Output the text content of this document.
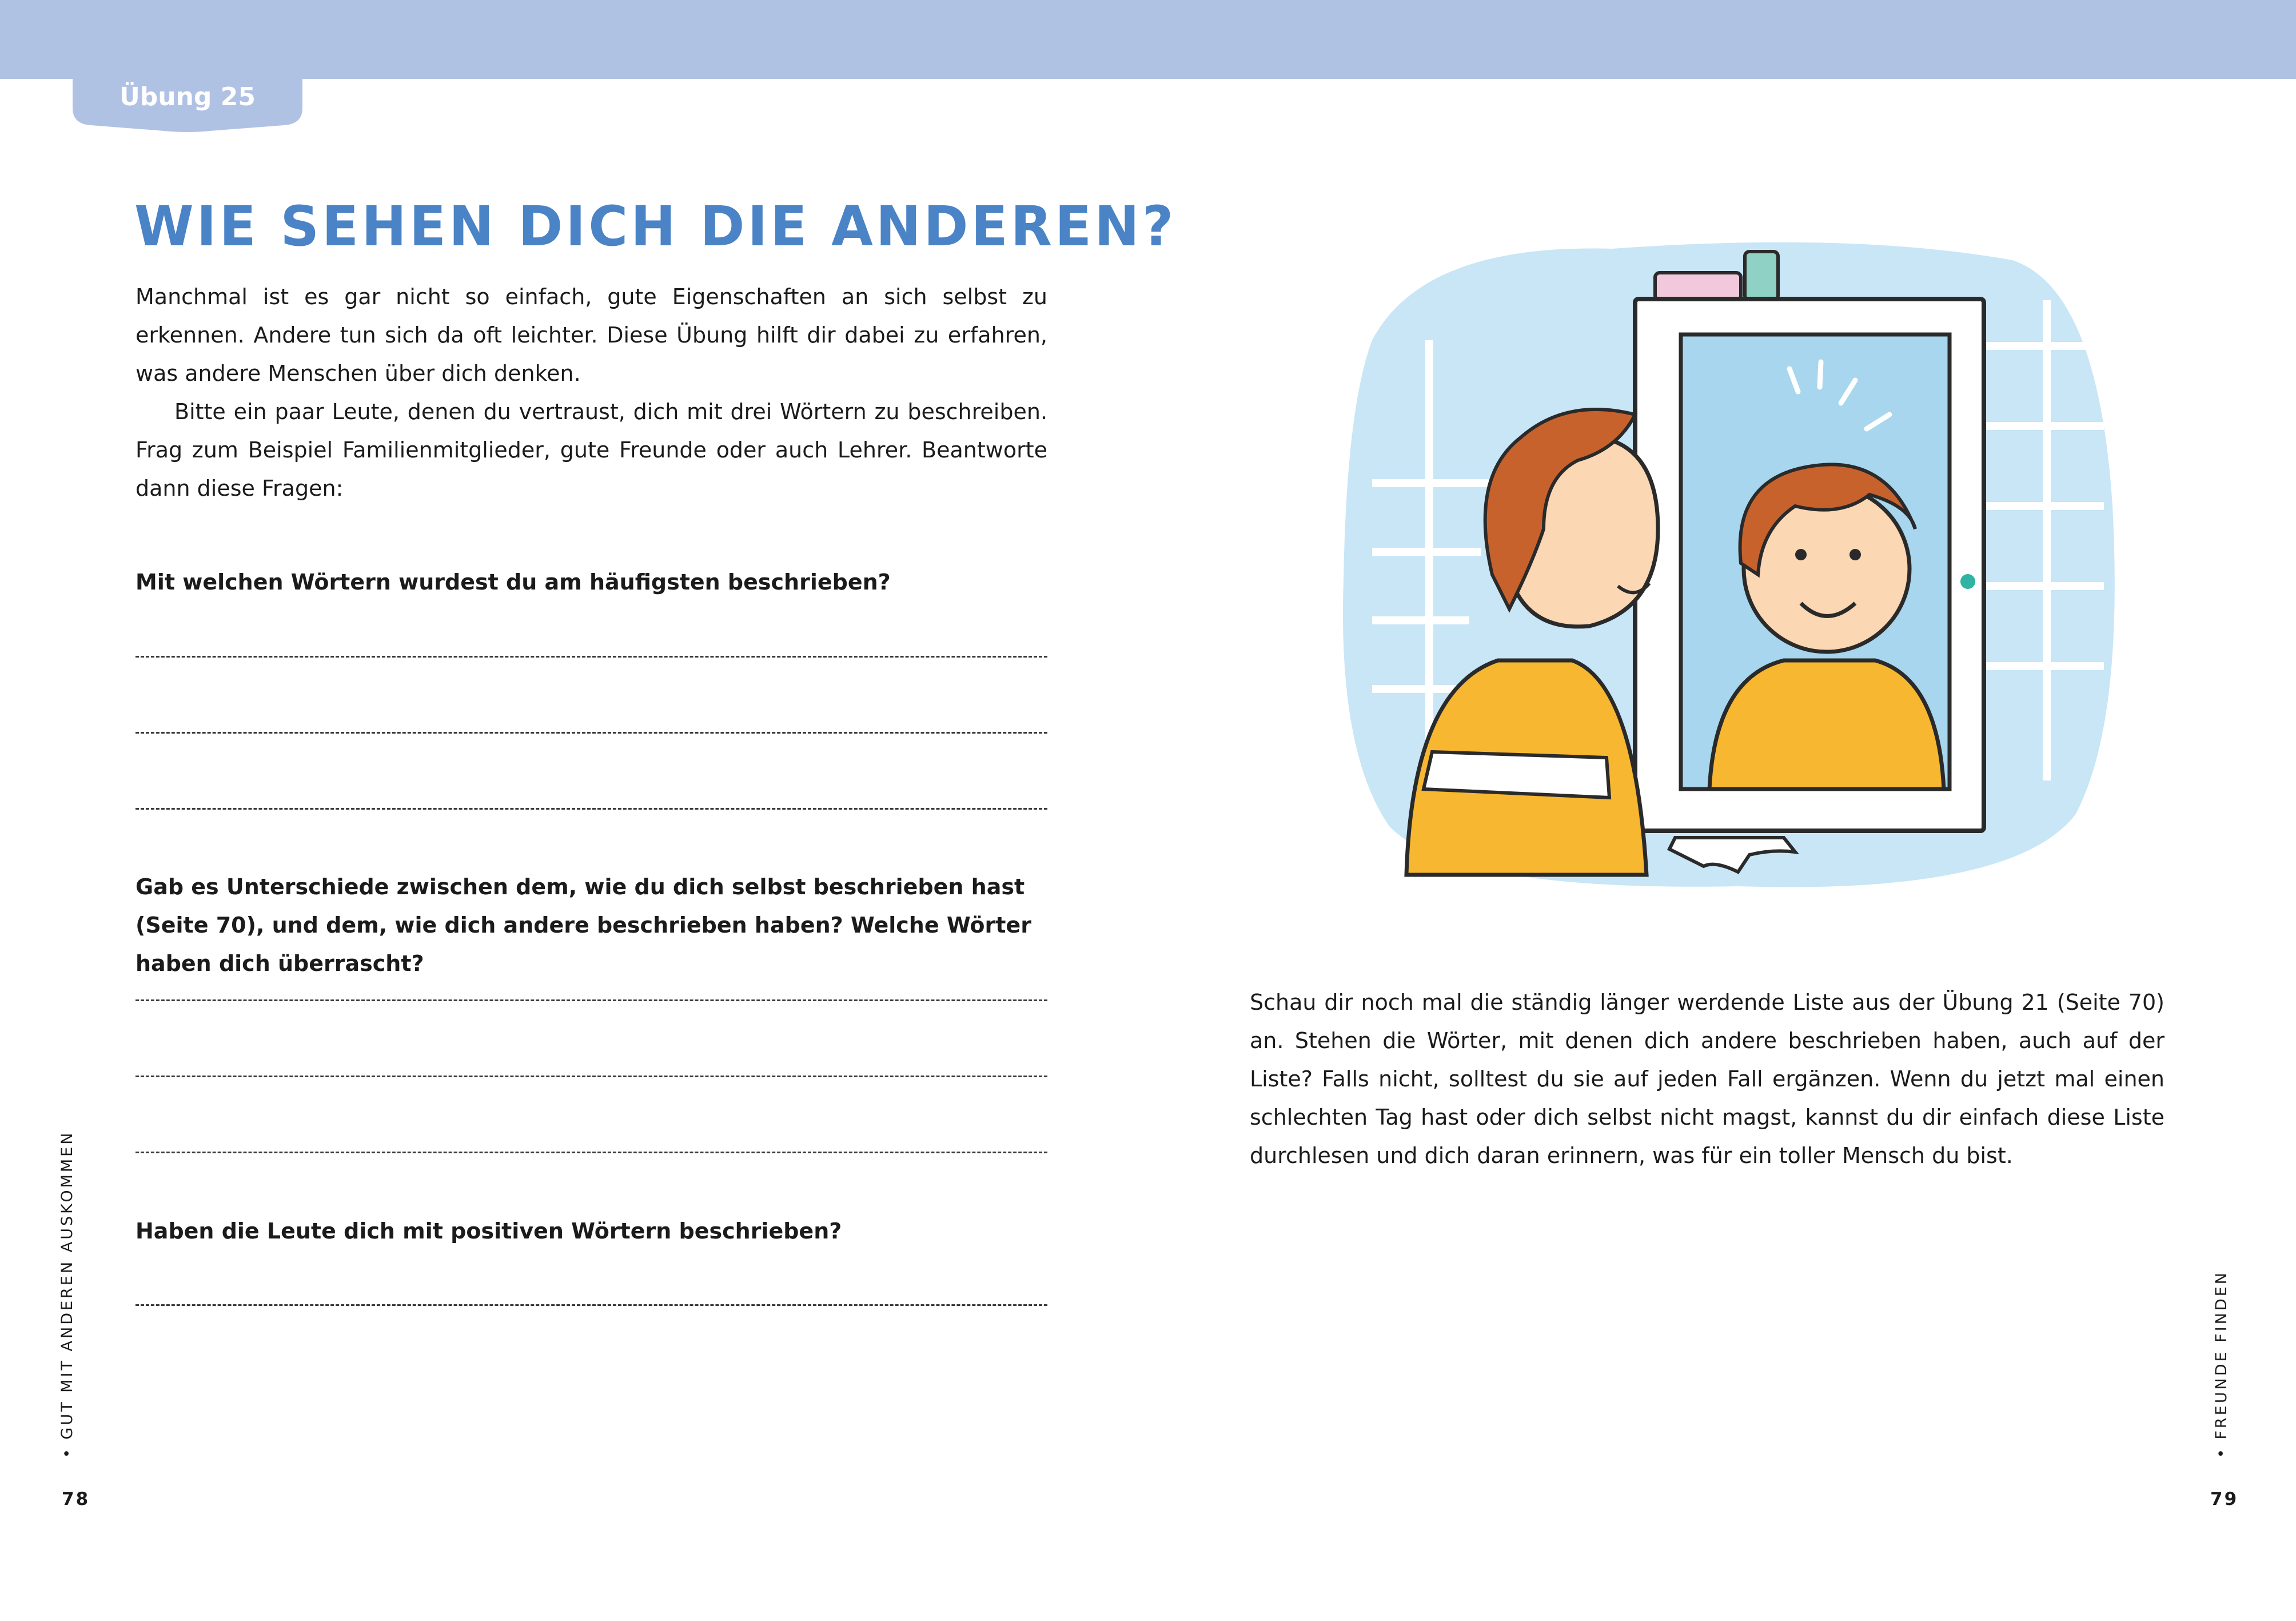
Übung 25
WIE SEHEN DICH DIE ANDEREN?

Manchmal ist es gar nicht so einfach, gute Eigenschaften an sich selbst zu erkennen. Andere tun sich da oft leichter. Diese Übung hilft dir dabei zu erfahren, was andere Menschen über dich denken.

Bitte ein paar Leute, denen du vertraust, dich mit drei Wörtern zu beschreiben. Frag zum Beispiel Familienmitglieder, gute Freunde oder auch Lehrer. Beantworte dann diese Fragen:

Mit welchen Wörtern wurdest du am häufigsten beschrieben?
Gab es Unterschiede zwischen dem, wie du dich selbst beschrieben hast (Seite 70), und dem, wie dich andere beschrieben haben? Welche Wörter haben dich überrascht?
Haben die Leute dich mit positiven Wörtern beschrieben?
Schau dir noch mal die ständig länger werdende Liste aus der Übung 21 (Seite 70) an. Stehen die Wörter, mit denen dich andere beschrieben haben, auch auf der Liste? Falls nicht, solltest du sie auf jeden Fall ergänzen. Wenn du jetzt mal einen schlechten Tag hast oder dich selbst nicht magst, kannst du dir einfach diese Liste durchlesen und dich daran erinnern, was für ein toller Mensch du bist.
• GUT MIT ANDEREN AUSKOMMEN
• FREUNDE FINDEN
78	79
